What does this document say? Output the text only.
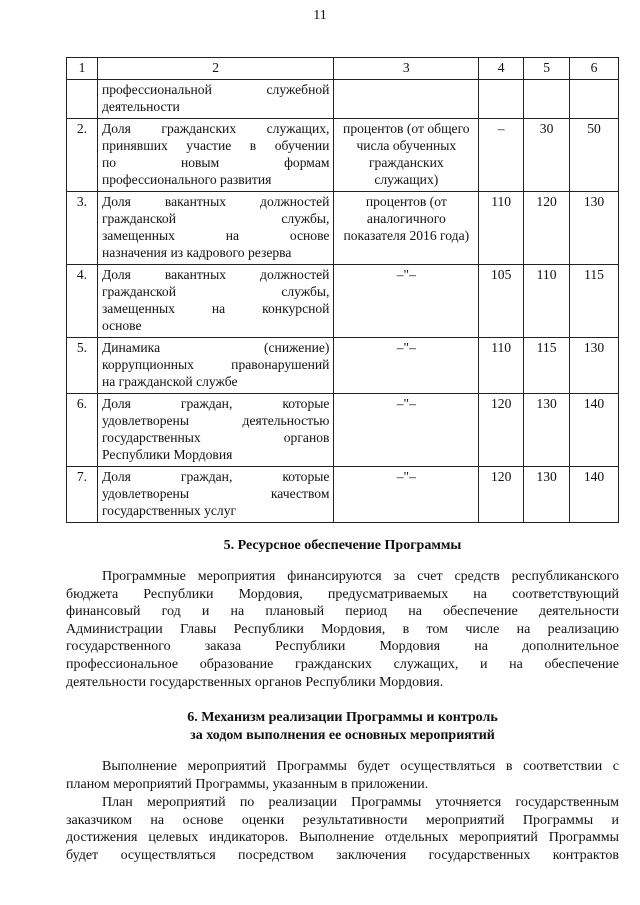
11
1	2	3	4	5	6

	профессиональной служебной
деятельности				

2.	Доля гражданских служащих,
принявших участие в обучении
по новым формам
профессионального развития	процентов (от общего числа обученных гражданских служащих)	–	30	50
3.	Доля вакантных должностей
гражданской службы,
замещенных на основе
назначения из кадрового резерва	процентов (от аналогичного показателя 2016 года)	110	120	130
4.	Доля вакантных должностей
гражданской службы,
замещенных на конкурсной
основе	–"–	105	110	115
5.	Динамика (снижение)
коррупционных правонарушений
на гражданской службе	–"–	110	115	130
6.	Доля граждан, которые
удовлетворены деятельностью
государственных органов
Республики Мордовия	–"–	120	130	140
7.	Доля граждан, которые
удовлетворены качеством
государственных услуг	–"–	120	130	140
5. Ресурсное обеспечение Программы
Программные мероприятия финансируются за счет средств республиканского
бюджета Республики Мордовия, предусматриваемых на соответствующий
финансовый год и на плановый период на обеспечение деятельности
Администрации Главы Республики Мордовия, в том числе на реализацию
государственного заказа Республики Мордовия на дополнительное
профессиональное образование гражданских служащих, и на обеспечение
деятельности государственных органов Республики Мордовия.
6. Механизм реализации Программы и контроль
за ходом выполнения ее основных мероприятий
Выполнение мероприятий Программы будет осуществляться в соответствии с
планом мероприятий Программы, указанным в приложении.
План мероприятий по реализации Программы уточняется государственным
заказчиком на основе оценки результативности мероприятий Программы и
достижения целевых индикаторов. Выполнение отдельных мероприятий Программы
будет осуществляться посредством заключения государственных контрактов
